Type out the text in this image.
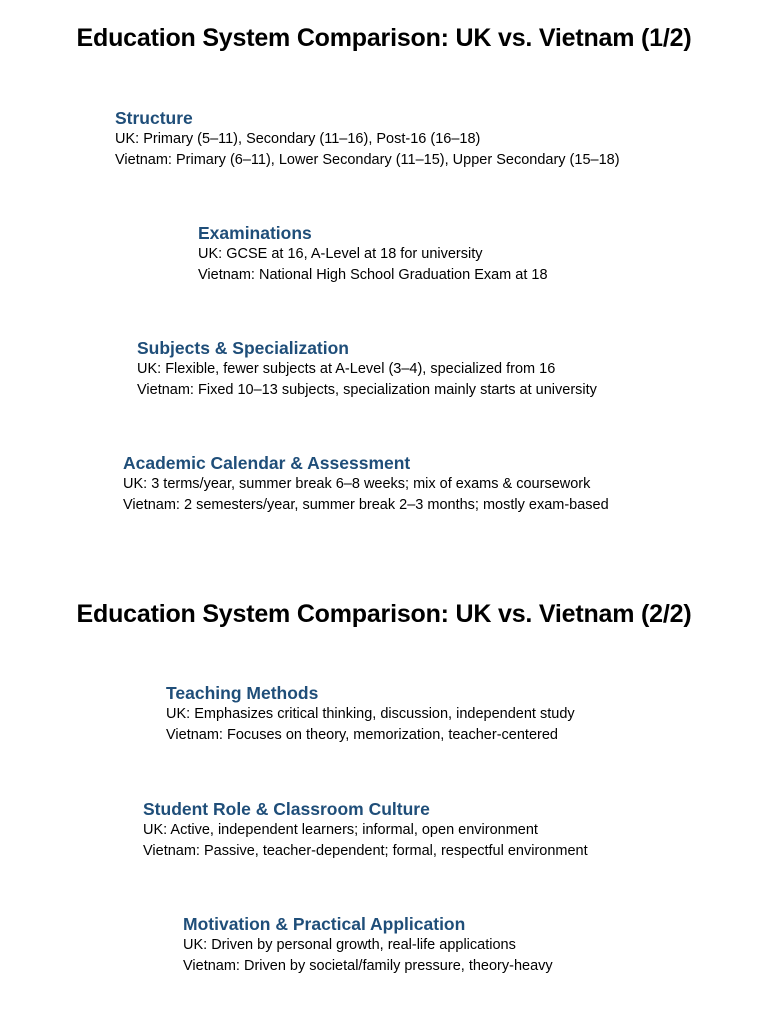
Education System Comparison: UK vs. Vietnam (1/2)
Structure
UK: Primary (5–11), Secondary (11–16), Post-16 (16–18)
Vietnam: Primary (6–11), Lower Secondary (11–15), Upper Secondary (15–18)
Examinations
UK: GCSE at 16, A-Level at 18 for university
Vietnam: National High School Graduation Exam at 18
Subjects & Specialization
UK: Flexible, fewer subjects at A-Level (3–4), specialized from 16
Vietnam: Fixed 10–13 subjects, specialization mainly starts at university
Academic Calendar & Assessment
UK: 3 terms/year, summer break 6–8 weeks; mix of exams & coursework
Vietnam: 2 semesters/year, summer break 2–3 months; mostly exam-based
Education System Comparison: UK vs. Vietnam (2/2)
Teaching Methods
UK: Emphasizes critical thinking, discussion, independent study
Vietnam: Focuses on theory, memorization, teacher-centered
Student Role & Classroom Culture
UK: Active, independent learners; informal, open environment
Vietnam: Passive, teacher-dependent; formal, respectful environment
Motivation & Practical Application
UK: Driven by personal growth, real-life applications
Vietnam: Driven by societal/family pressure, theory-heavy
